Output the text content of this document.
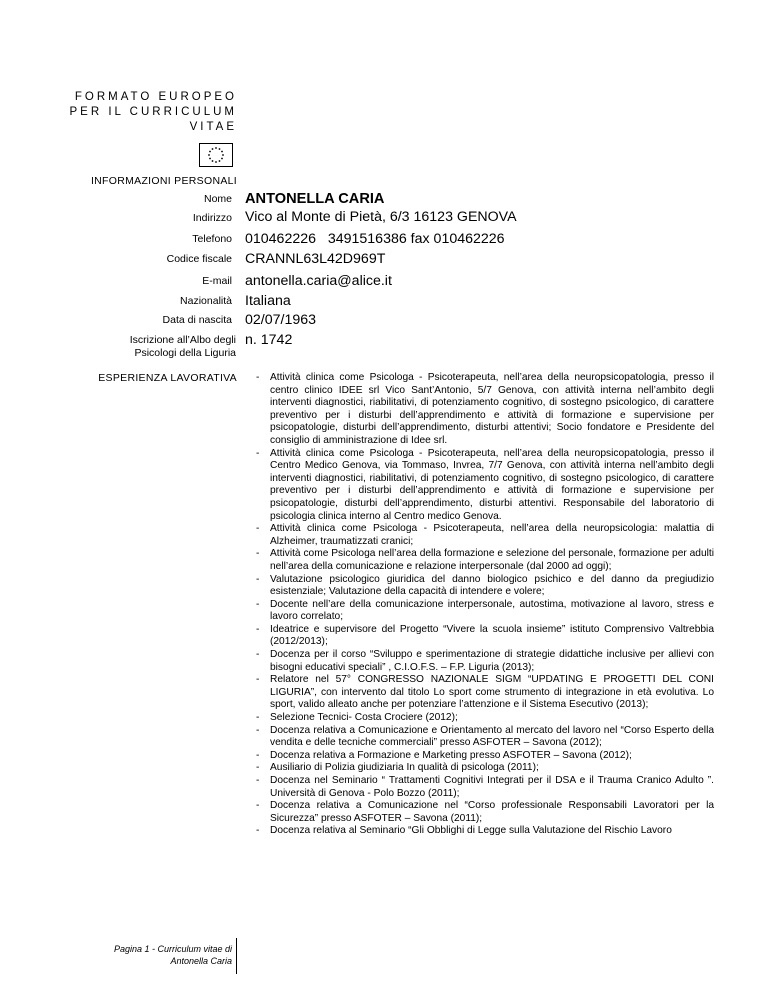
FORMATO EUROPEO

PER IL CURRICULUM

VITAE

INFORMAZIONI PERSONALI
Nome ANTONELLA CARIA
Indirizzo Vico al Monte di Pietà, 6/3 16123 GENOVA
Telefono 010462226   3491516386 fax 010462226
Codice fiscale CRANNL63L42D969T
E-mail antonella.caria@alice.it
Nazionalità Italiana
Data di nascita 02/07/1963
Iscrizione all’Albo degli Psicologi della Liguria
n. 1742
ESPERIENZA LAVORATIVA - Attività clinica come Psicologa - Psicoterapeuta, nell’area della neuropsicopatologia, presso il centro clinico IDEE srl Vico Sant’Antonio, 5/7 Genova, con attività interna nell’ambito degli interventi diagnostici, riabilitativi, di potenziamento cognitivo, di sostegno psicologico, di carattere preventivo per i disturbi dell’apprendimento e attività di formazione e supervisione per psicopatologie, disturbi dell’apprendimento, disturbi attentivi; Socio fondatore e Presidente del consiglio di amministrazione di Idee srl.
- Attività clinica come Psicologa - Psicoterapeuta, nell’area della neuropsicopatologia, presso il Centro Medico Genova, via Tommaso, Invrea, 7/7 Genova, con attività interna nell’ambito degli interventi diagnostici, riabilitativi, di potenziamento cognitivo, di sostegno psicologico, di carattere preventivo per i disturbi dell’apprendimento e attività di formazione e supervisione per psicopatologie, disturbi dell’apprendimento, disturbi attentivi. Responsabile del laboratorio di psicologia clinica interno al Centro medico Genova.
- Attività clinica come Psicologa - Psicoterapeuta, nell’area della neuropsicologia: malattia di Alzheimer, traumatizzati cranici;
- Attività come Psicologa nell’area della formazione e selezione del personale, formazione per adulti nell’area della comunicazione e relazione interpersonale (dal 2000 ad oggi);
- Valutazione psicologico giuridica del danno biologico psichico e del danno da pregiudizio esistenziale; Valutazione della capacità di intendere e volere;
- Docente nell’are della comunicazione interpersonale, autostima, motivazione al lavoro, stress e lavoro correlato;
- Ideatrice e supervisore del Progetto “Vivere la scuola insieme” istituto Comprensivo Valtrebbia (2012/2013);
- Docenza per il corso “Sviluppo e sperimentazione di strategie didattiche inclusive per allievi con bisogni educativi speciali” , C.I.O.F.S. – F.P. Liguria (2013);
- Relatore nel 57° CONGRESSO NAZIONALE SIGM “UPDATING E PROGETTI DEL CONI LIGURIA”, con intervento dal titolo Lo sport come strumento di integrazione in età evolutiva. Lo sport, valido alleato anche per potenziare l’attenzione e il Sistema Esecutivo (2013);
- Selezione Tecnici- Costa Crociere (2012);
- Docenza relativa a Comunicazione e Orientamento al mercato del lavoro nel “Corso Esperto della vendita e delle tecniche commerciali” presso ASFOTER – Savona (2012);
- Docenza relativa a Formazione e Marketing presso ASFOTER – Savona (2012);
- Ausiliario di Polizia giudiziaria In qualità di psicologa (2011);
- Docenza nel Seminario “ Trattamenti Cognitivi Integrati per il DSA e il Trauma Cranico Adulto ”. Università di Genova - Polo Bozzo (2011);
- Docenza relativa a Comunicazione nel “Corso professionale Responsabili Lavoratori per la Sicurezza” presso ASFOTER – Savona (2011);
- Docenza relativa al Seminario “Gli Obblighi di Legge sulla Valutazione del Rischio Lavoro
Pagina 1 - Curriculum vitae di
Antonella Caria
